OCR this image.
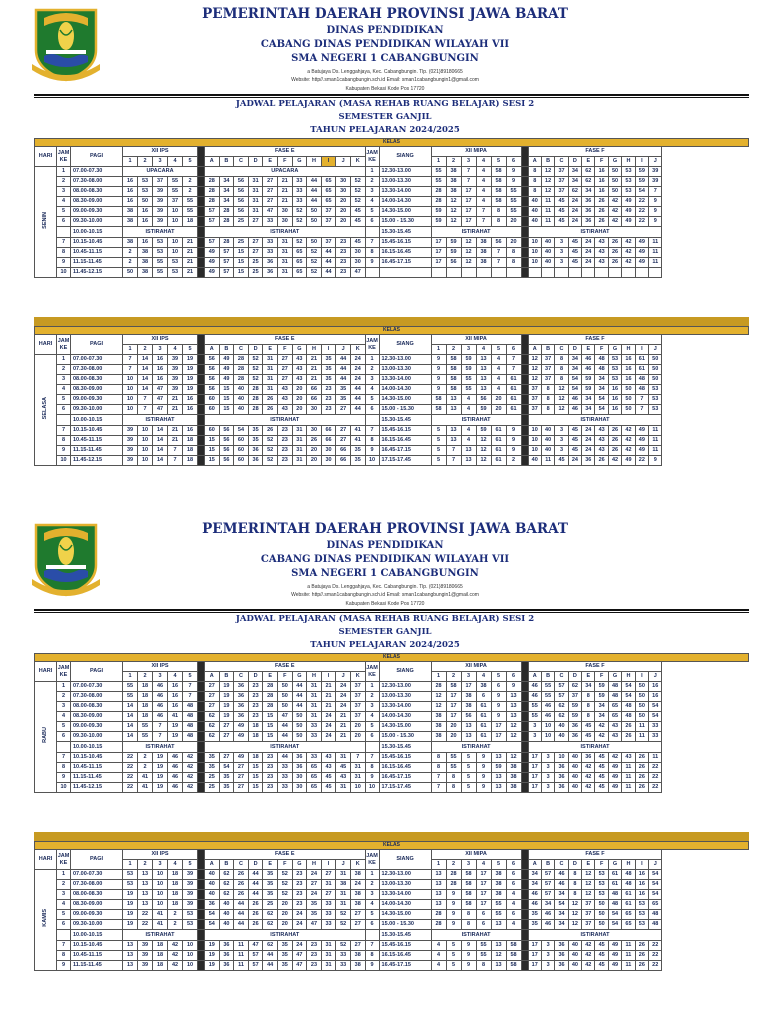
PEMERINTAH DAERAH PROVINSI JAWA BARAT
DINAS PENDIDIKAN
CABANG DINAS PENDIDIKAN WILAYAH VII
SMA NEGERI 1 CABANGBUNGIN
a Batujaya Ds. Lenggahjaya, Kec. Cabangbungin. Tlp. (021)89180665
Website: http//.sman1cabangbungin.sch.id Email: sman1cabangbungin1@gmail.com
Kabupaten Bekasi Kode Pos 17720
JADWAL PELAJARAN (MASA REHAB RUANG BELAJAR) SESI 2
SEMESTER GANJIL
TAHUN PELAJARAN 2024/2025
KELAS																																						
HARI	JAM KE	PAGI	XII IPS						FASE E											JAM KE	SIANG	XII MIPA							FASE F									
			1	2	3	4	5		A	B	C	D	E	F	G	H	I	J	K			1	2	3	4	5	6		A	B	C	D	E	F	G	H	I	J
SENIN	1	07.00-07.30	UPACARA						UPACARA											1	12.30-13.00	55	38	7	4	58	9		8	12	37	34	62	16	50	53	59	39
	2	07.30-08.00	16	53	37	55	2		28	34	56	31	27	21	33	44	65	30	52	2	13.00-13.30	55	38	7	4	58	9		8	12	37	34	62	16	50	53	59	39
	3	08.00-08.30	16	53	39	55	2		28	34	56	31	27	21	33	44	65	30	52	3	13.30-14.00	28	38	17	4	58	55		8	12	37	62	34	16	50	53	54	7
	4	08.30-09.00	16	50	39	37	55		28	34	56	31	27	21	33	44	65	20	52	4	14.00-14.30	28	12	17	4	58	55		40	11	45	24	36	26	42	49	22	9
	5	09.00-09.30	38	16	39	10	55		57	28	56	31	47	30	52	50	37	20	45	5	14.30-15.00	59	12	17	7	8	55		40	11	45	24	36	26	42	49	22	9
	6	09.30-10.00	38	16	39	10	18		57	28	25	27	33	30	52	50	37	20	45	6	15.00 - 15.30	59	12	17	7	8	20		40	11	45	24	36	26	42	49	22	9
		10.00-10.15	ISTIRAHAT						ISTIRAHAT												15.30-15.45	ISTIRAHAT							ISTIRAHAT									
	7	10.15-10.45	38	16	53	10	21		57	28	25	27	33	31	52	50	37	23	45	7	15.45-16.15	17	59	12	38	56	20		10	40	3	45	24	43	26	42	49	11
	8	10.45-11.15	2	38	53	10	21		49	57	15	27	33	31	65	52	44	23	30	8	16.15-16.45	17	59	12	38	7	8		10	40	3	45	24	43	26	42	49	11
	9	11.15-11.45	2	38	55	53	21		49	57	15	25	36	31	65	52	44	23	30	9	16.45-17.15	17	56	12	38	7	8		10	40	3	45	24	43	26	42	49	11
	10	11.45-12.15	50	38	55	53	21		49	57	15	25	36	31	65	52	44	23	47																			
KELAS																																						
HARI	JAM KE	PAGI	XII IPS						FASE E											JAM KE	SIANG	XII MIPA							FASE F									
			1	2	3	4	5		A	B	C	D	E	F	G	H	I	J	K			1	2	3	4	5	6		A	B	C	D	E	F	G	H	I	J
SELASA	1	07.00-07.30	7	14	16	39	19		56	49	28	52	31	27	43	21	35	44	24	1	12.30-13.00	9	58	59	13	4	7		12	37	8	34	46	48	53	16	61	50
	2	07.30-08.00	7	14	16	39	19		56	49	28	52	31	27	43	21	35	44	24	2	13.00-13.30	9	58	59	13	4	7		12	37	8	34	46	48	53	16	61	50
	3	08.00-08.30	10	14	16	39	19		56	49	28	52	31	27	43	21	35	44	24	3	13.30-14.00	9	58	55	13	4	61		12	37	8	54	59	34	53	16	48	50
	4	08.30-09.00	10	14	47	39	19		56	15	40	28	31	43	20	66	23	35	44	4	14.00-14.30	9	58	55	13	4	61		37	8	12	54	59	34	16	50	48	53
	5	09.00-09.30	10	7	47	21	16		60	15	40	28	26	43	20	66	23	35	44	5	14.30-15.00	58	13	4	56	20	61		37	8	12	46	34	54	16	50	7	53
	6	09.30-10.00	10	7	47	21	16		60	15	40	28	26	43	20	30	23	27	44	6	15.00 - 15.30	58	13	4	59	20	61		37	8	12	46	34	54	16	50	7	53
		10.00-10.15	ISTIRAHAT						ISTIRAHAT												15.30-15.45	ISTIRAHAT							ISTIRAHAT									
	7	10.15-10.45	39	10	14	21	16		60	56	54	35	26	23	31	30	66	27	41	7	15.45-16.15	5	13	4	59	61	9		10	40	3	45	24	43	26	42	49	11
	8	10.45-11.15	39	10	14	21	18		15	56	60	35	52	23	31	26	66	27	41	8	16.15-16.45	5	13	4	12	61	9		10	40	3	45	24	43	26	42	49	11
	9	11.15-11.45	39	10	14	7	18		15	56	60	36	52	23	31	20	30	66	35	9	16.45-17.15	5	7	13	12	61	9		10	40	3	45	24	43	26	42	49	11
	10	11.45-12.15	39	10	14	7	18		15	56	60	36	52	23	31	20	30	66	35	10	17.15-17.45	5	7	13	12	61	2		40	11	45	24	36	26	42	49	22	9
PEMERINTAH DAERAH PROVINSI JAWA BARAT
DINAS PENDIDIKAN
CABANG DINAS PENDIDIKAN WILAYAH VII
SMA NEGERI 1 CABANGBUNGIN
a Batujaya Ds. Lenggahjaya, Kec. Cabangbungin. Tlp. (021)89180665
Website: http//.sman1cabangbungin.sch.id Email: sman1cabangbungin1@gmail.com
Kabupaten Bekasi Kode Pos 17720
JADWAL PELAJARAN (MASA REHAB RUANG BELAJAR) SESI 2
SEMESTER GANJIL
TAHUN PELAJARAN 2024/2025
KELAS																																						
HARI	JAM KE	PAGI	XII IPS						FASE E											JAM KE	SIANG	XII MIPA							FASE F									
			1	2	3	4	5		A	B	C	D	E	F	G	H	I	J	K			1	2	3	4	5	6		A	B	C	D	E	F	G	H	I	J
RABU	1	07.00-07.30	55	18	46	16	7		27	19	36	23	28	50	44	31	21	24	37	1	12.30-13.00	28	58	17	38	6	9		46	55	57	62	34	59	48	54	50	16
	2	07.30-08.00	55	18	46	16	7		27	19	36	23	28	50	44	31	21	24	37	2	13.00-13.30	12	17	38	6	9	13		46	55	57	37	8	59	48	54	50	16
	3	08.00-08.30	14	18	46	16	48		27	19	36	23	28	50	44	31	21	24	37	3	13.30-14.00	12	17	38	61	9	13		55	46	62	59	8	34	65	48	50	54
	4	08.30-09.00	14	18	46	41	48		62	19	36	23	15	47	50	31	24	21	37	4	14.00-14.30	38	17	56	61	9	13		55	46	62	59	8	34	65	48	50	54
	5	09.00-09.30	14	55	7	19	48		62	27	49	18	15	44	50	33	24	21	20	5	14.30-15.00	38	20	13	61	17	12		3	10	40	36	45	42	43	26	11	33
	6	09.30-10.00	14	55	7	19	48		62	27	49	18	15	44	50	33	24	21	20	6	15.00 - 15.30	38	20	13	61	17	12		3	10	40	36	45	42	43	26	11	33
		10.00-10.15	ISTIRAHAT						ISTIRAHAT												15.30-15.45	ISTIRAHAT							ISTIRAHAT									
	7	10.15-10.45	22	2	19	46	42		35	27	49	18	23	44	36	33	43	31	7	7	15.45-16.15	8	55	5	9	13	12		17	3	10	40	36	45	42	43	26	11
	8	10.45-11.15	22	2	19	46	42		35	54	27	15	23	33	36	65	43	45	31	8	16.15-16.45	8	55	5	9	59	38		17	3	36	40	42	45	49	11	26	22
	9	11.15-11.45	22	41	19	46	42		25	35	27	15	23	33	30	65	45	43	31	9	16.45-17.15	7	8	5	9	13	38		17	3	36	40	42	45	49	11	26	22
	10	11.45-12.15	22	41	19	46	42		25	35	27	15	23	33	30	65	45	31	10	10	17.15-17.45	7	8	5	9	13	38		17	3	36	40	42	45	49	11	26	22
KELAS																																						
HARI	JAM KE	PAGI	XII IPS						FASE E											JAM KE	SIANG	XII MIPA							FASE F									
			1	2	3	4	5		A	B	C	D	E	F	G	H	I	J	K			1	2	3	4	5	6		A	B	C	D	E	F	G	H	I	J
KAMIS	1	07.00-07.30	53	13	10	18	39		40	62	26	44	35	52	23	24	27	31	38	1	12.30-13.00	13	28	58	17	38	6		34	57	46	8	12	53	61	48	16	54
	2	07.30-08.00	53	13	10	18	39		40	62	26	44	35	52	23	27	31	38	24	2	13.00-13.30	13	28	58	17	38	6		34	57	46	8	12	53	61	48	16	54
	3	08.00-08.30	19	13	10	18	39		40	62	26	44	35	52	23	24	27	31	38	3	13.30-14.00	13	9	58	17	38	4		46	57	34	8	12	53	48	61	16	54
	4	08.30-09.00	19	13	10	18	39		36	40	44	26	25	20	23	35	33	31	38	4	14.00-14.30	13	9	58	17	55	4		46	34	54	12	37	50	48	61	53	65
	5	09.00-09.30	19	22	41	2	53		54	40	44	26	62	20	24	35	33	52	27	5	14.30-15.00	28	9	8	6	55	6		35	46	34	12	37	50	54	65	53	48
	6	09.30-10.00	19	22	41	2	53		54	40	44	26	62	20	24	47	33	52	27	6	15.00 - 15.30	28	9	8	6	13	4		35	46	34	12	37	50	54	65	53	48
		10.00-10.15	ISTIRAHAT						ISTIRAHAT												15.30-15.45	ISTIRAHAT							ISTIRAHAT									
	7	10.15-10.45	13	39	18	42	10		19	36	11	47	62	35	24	23	31	52	27	7	15.45-16.15	4	5	9	55	13	58		17	3	36	40	42	45	49	11	26	22
	8	10.45-11.15	13	39	18	42	10		19	36	11	57	44	35	47	23	31	33	38	8	16.15-16.45	4	5	9	55	12	58		17	3	36	40	42	45	49	11	26	22
	9	11.15-11.45	13	39	18	42	10		19	36	11	57	44	35	47	23	31	33	38	9	16.45-17.15	4	5	9	8	13	58		17	3	36	40	42	45	49	11	26	22
